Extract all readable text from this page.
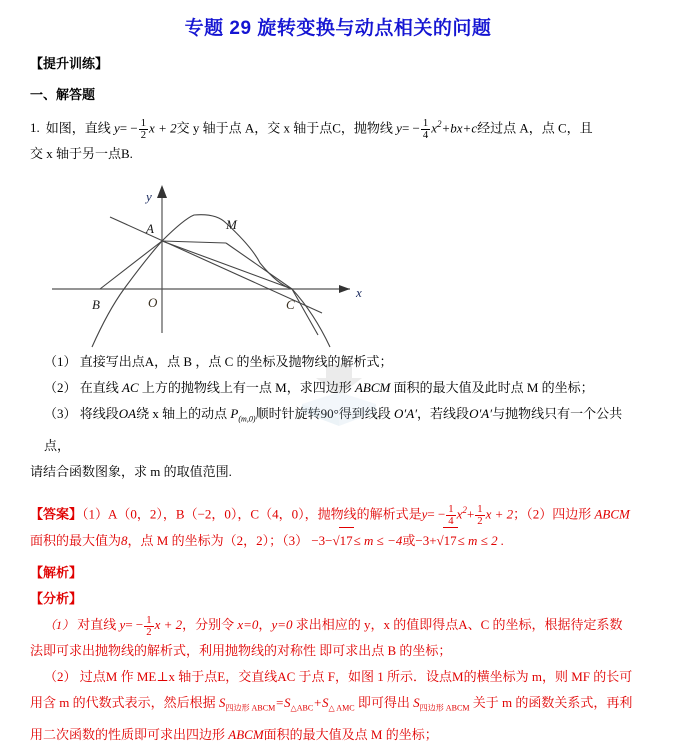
专题 29 旋转变换与动点相关的问题
【提升训练】
一、解答题
1. 如图，直线 $y= - \frac{1}{2}$ x + 2交 y 轴于点 A，交 x 轴于点C，抛物线 $y= - \frac{1}{4} x^2+bx+c$经过点 A，点 C，且
交 x 轴于另一点B.
y
x
O
A
B	C
M
（1） 直接写出点A，点 B ，点 C 的坐标及抛物线的解析式；
（2） 在直线 AC 上方的抛物线上有一点 M，求四边形 ABCM 面积的最大值及此时点 M 的坐标；
（3） 将线段OA绕 x 轴上的动点 $P_{(m,0)}$顺时针旋转90°得到线段 O′A′，若线段O′A′与抛物线只有一个公共点，
请结合函数图象，求 m 的取值范围.
【答案】（1）A（0，2），B（−2，0），C（4，0），抛物线的解析式是$y= - \frac{1}{4} x^2+ \frac{1}{2}$ x + 2；（2）四边形 ABCM
面积的最大值为8，点 M 的坐标为（2，2）；（3） −3−√17≤ m ≤ −4或−3+√17≤ m ≤ 2 .
【解析】
【分析】
（1） 对直线 $y= - \frac{1}{2}$ x + 2，分别令 x=0，y=0 求出相应的 y，x 的值即得点A、C 的坐标，根据待定系数
法即可求出抛物线的解析式，利用抛物线的对称性 即可求出点 B 的坐标；
（2） 过点M 作 ME⊥x 轴于点E，交直线AC 于点 F，如图 1 所示．设点M的横坐标为 m，则 MF 的长可
用含 m 的代数式表示，然后根据 $S_{四边形 ABCM}=S_{\triangle ABC}+S_{\triangle AMC}$ 即可得出 $S_{四边形 ABCM}$ 关于 m 的函数关系式，再利
用二次函数的性质即可求出四边形 ABCM面积的最大值及点 M 的坐标；
